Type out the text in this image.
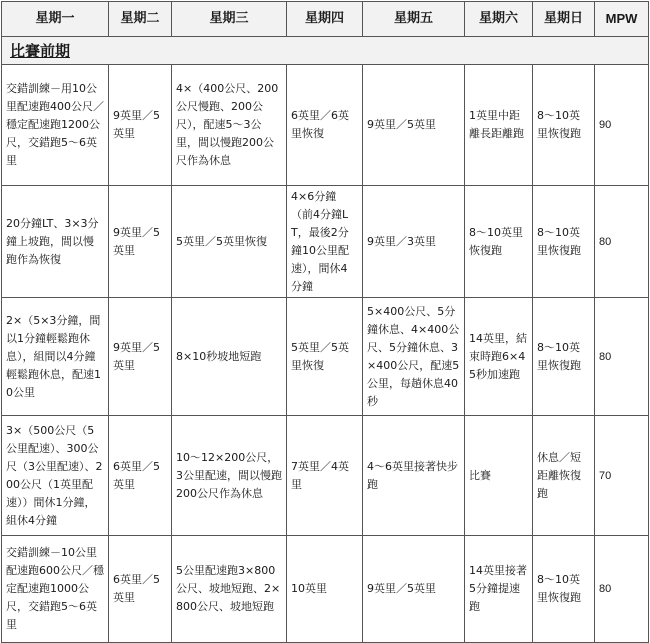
星期一	星期二	星期三	星期四	星期五	星期六	星期日	MPW
比賽前期							
交錯訓練－用10公里配速跑400公尺／穩定配速跑1200公尺，交錯跑5～6英里	9英里／5英里	4×（400公尺、200公尺慢跑、200公尺），配速5～3公里，間以慢跑200公尺作為休息	6英里／6英里恢復	9英里／5英里	1英里中距離長距離跑	8～10英里恢復跑	90
20分鐘LT、3×3分鐘上坡跑，間以慢跑作為恢復	9英里／5英里	5英里／5英里恢復	4×6分鐘（前4分鐘LT，最後2分鐘10公里配速），間休4分鐘	9英里／3英里	8～10英里恢復跑	8～10英里恢復跑	80
2×（5×3分鐘，間以1分鐘輕鬆跑休息），組間以4分鐘輕鬆跑休息，配速10公里	9英里／5英里	8×10秒坡地短跑	5英里／5英里恢復	5×400公尺、5分鐘休息、4×400公尺、5分鐘休息、3×400公尺，配速5公里，每趟休息40秒	14英里，結束時跑6×45秒加速跑	8～10英里恢復跑	80
3×（500公尺（5公里配速）、300公尺（3公里配速）、200公尺（1英里配速））間休1分鐘，組休4分鐘	6英里／5英里	10～12×200公尺，3公里配速，間以慢跑200公尺作為休息	7英里／4英里	4～6英里接著快步跑	比賽	休息／短距離恢復跑	70
交錯訓練－10公里配速跑600公尺／穩定配速跑1000公尺，交錯跑5～6英里	6英里／5英里	5公里配速跑3×800公尺、坡地短跑、2×800公尺、坡地短跑	10英里	9英里／5英里	14英里接著5分鐘提速跑	8～10英里恢復跑	80
